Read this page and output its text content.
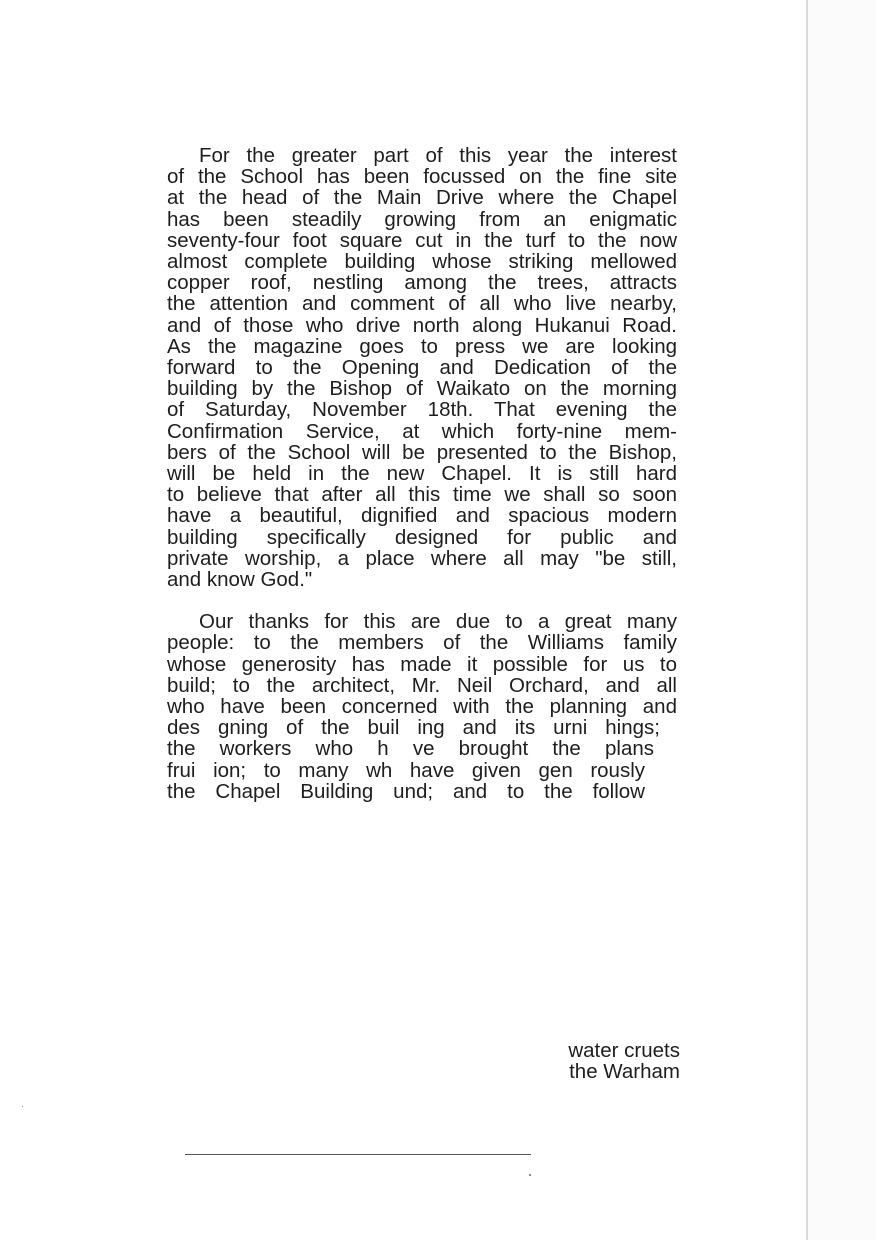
For the greater part of this year the interest
of the School has been focussed on the fine site
at the head of the Main Drive where the Chapel
has been steadily growing from an enigmatic
seventy-four foot square cut in the turf to the now
almost complete building whose striking mellowed
copper roof, nestling among the trees, attracts
the attention and comment of all who live nearby,
and of those who drive north along Hukanui Road.
As the magazine goes to press we are looking
forward to the Opening and Dedication of the
building by the Bishop of Waikato on the morning
of Saturday, November 18th. That evening the
Confirmation Service, at which forty-nine mem-
bers of the School will be presented to the Bishop,
will be held in the new Chapel. It is still hard
to believe that after all this time we shall so soon
have a beautiful, dignified and spacious modern
building specifically designed for public and
private worship, a place where all may "be still,
and know God."
Our thanks for this are due to a great many
people: to the members of the Williams family
whose generosity has made it possible for us to
build; to the architect, Mr. Neil Orchard, and all
who have been concerned with the planning and
des gning of the buil ing and its urni hings;
the workers who h ve brought the plans
frui ion; to many wh have given gen rously
the Chapel Building und; and to the follow
water cruets
the Warham
